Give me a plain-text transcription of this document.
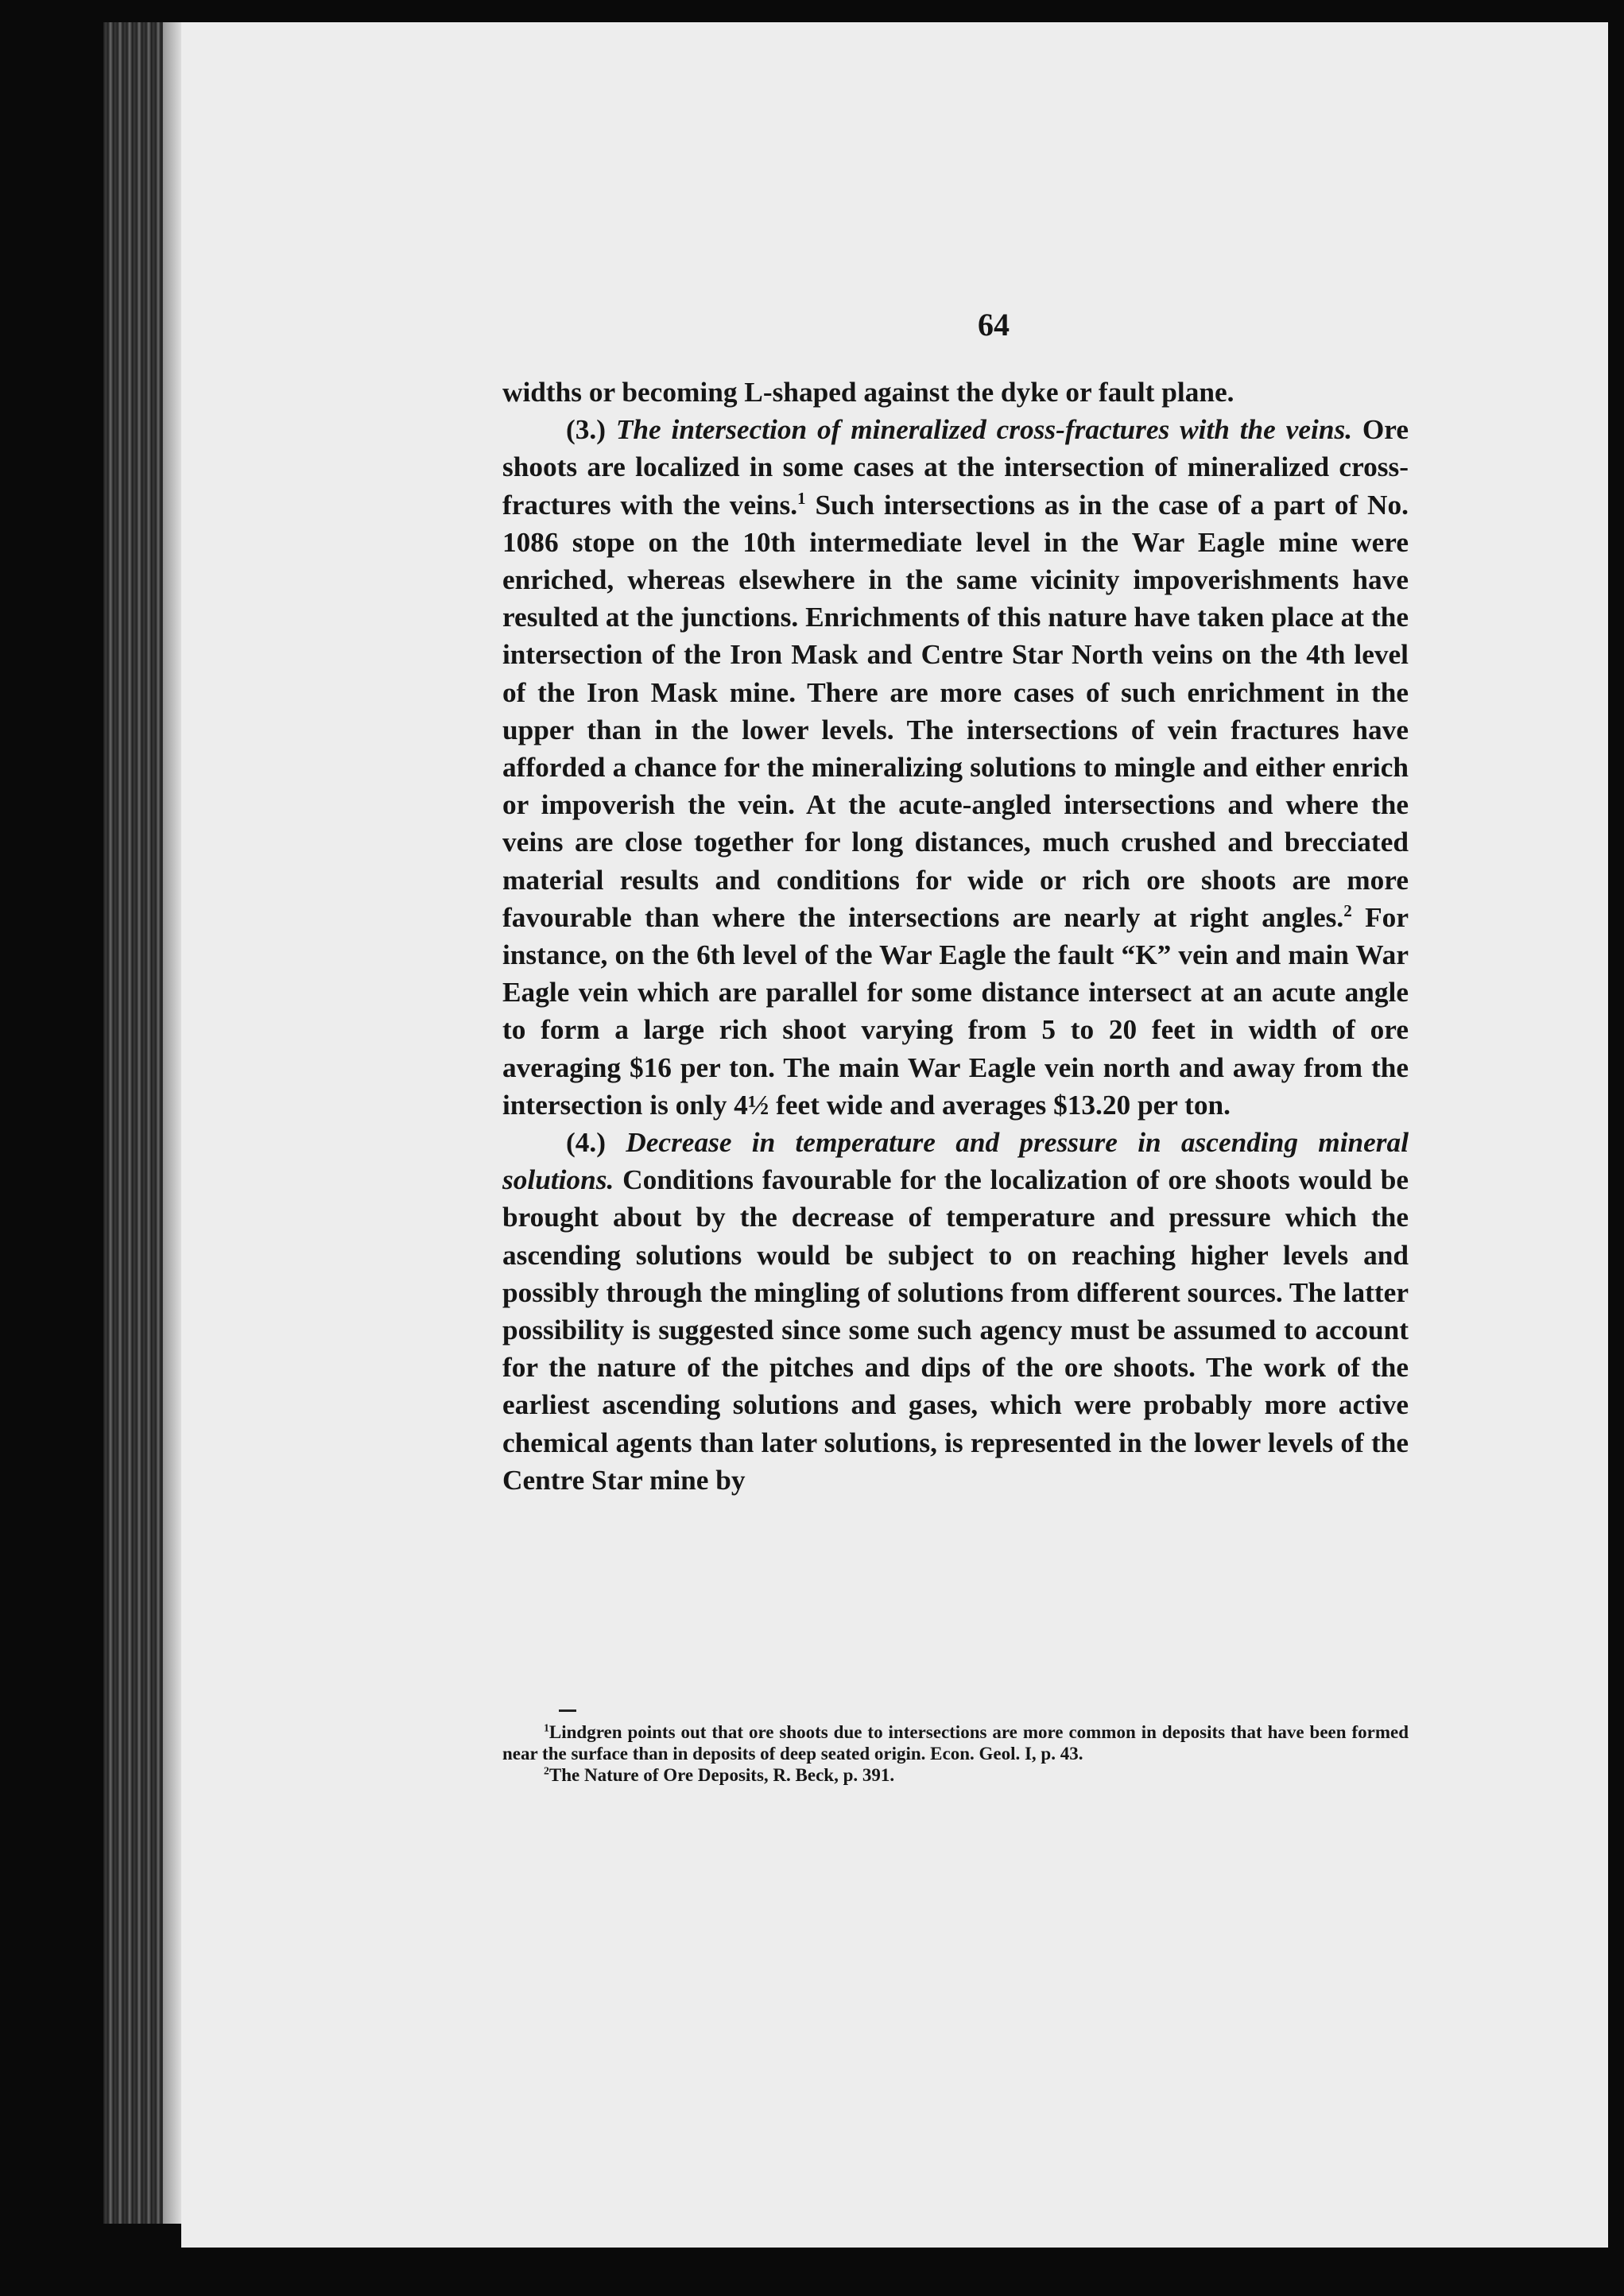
64

widths or becoming L-shaped against the dyke or fault plane.

(3.) The intersection of mineralized cross-fractures with the veins. Ore shoots are localized in some cases at the intersection of mineralized cross-fractures with the veins.$^1$ Such intersections as in the case of a part of No. 1086 stope on the 10th intermediate level in the War Eagle mine were enriched, whereas elsewhere in the same vicinity impoverishments have resulted at the junctions. Enrichments of this nature have taken place at the intersection of the Iron Mask and Centre Star North veins on the 4th level of the Iron Mask mine. There are more cases of such enrichment in the upper than in the lower levels. The intersections of vein fractures have afforded a chance for the mineralizing solutions to mingle and either enrich or impoverish the vein. At the acute-angled intersections and where the veins are close together for long distances, much crushed and brecciated material results and conditions for wide or rich ore shoots are more favourable than where the intersections are nearly at right angles.$^2$ For instance, on the 6th level of the War Eagle the fault “K” vein and main War Eagle vein which are parallel for some distance intersect at an acute angle to form a large rich shoot varying from 5 to 20 feet in width of ore averaging $16 per ton. The main War Eagle vein north and away from the intersection is only 4½ feet wide and averages $13.20 per ton.

(4.) Decrease in temperature and pressure in ascending mineral solutions. Conditions favourable for the localization of ore shoots would be brought about by the decrease of temperature and pressure which the ascending solutions would be subject to on reaching higher levels and possibly through the mingling of solutions from different sources. The latter possibility is suggested since some such agency must be assumed to account for the nature of the pitches and dips of the ore shoots. The work of the earliest ascending solutions and gases, which were probably more active chemical agents than later solutions, is represented in the lower levels of the Centre Star mine by

$^1$Lindgren points out that ore shoots due to intersections are more common in deposits that have been formed near the surface than in deposits of deep seated origin. Econ. Geol. I, p. 43.

$^2$The Nature of Ore Deposits, R. Beck, p. 391.
